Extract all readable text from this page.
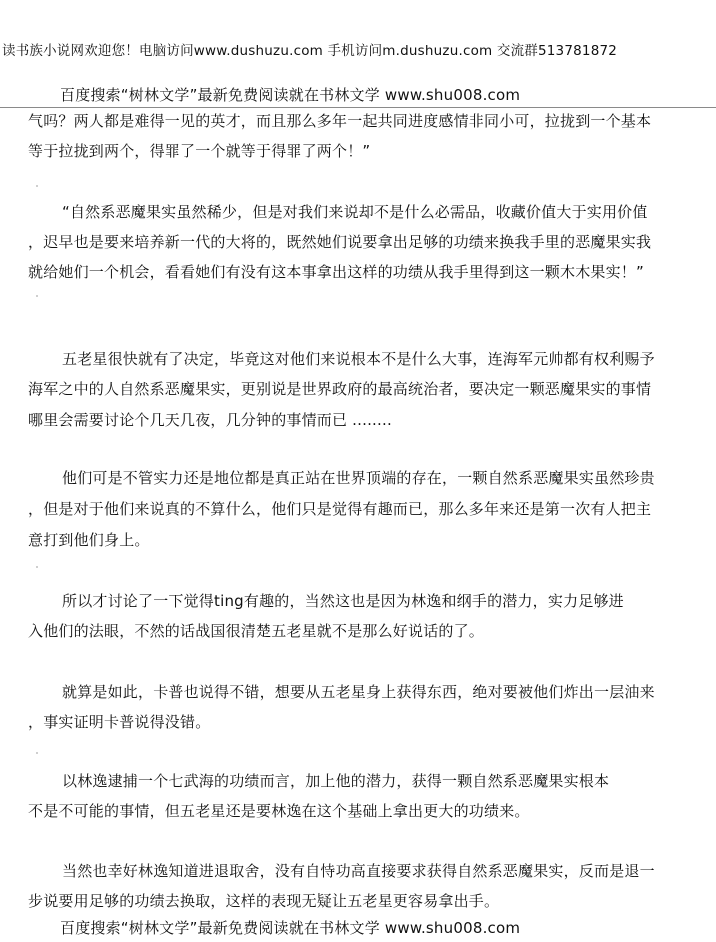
读书族小说网欢迎您！电脑访问www.dushuzu.com 手机访问m.dushuzu.com 交流群513781872
百度搜索“树林文学”最新免费阅读就在书林文学 www.shu008.com
气吗？两人都是难得一见的英才，而且那么多年一起共同进度感情非同小可，拉拢到一个基本
等于拉拢到两个，得罪了一个就等于得罪了两个！”
“自然系恶魔果实虽然稀少，但是对我们来说却不是什么必需品，收藏价值大于实用价值
，迟早也是要来培养新一代的大将的，既然她们说要拿出足够的功绩来换我手里的恶魔果实我
就给她们一个机会，看看她们有没有这本事拿出这样的功绩从我手里得到这一颗木木果实！”
五老星很快就有了决定，毕竟这对他们来说根本不是什么大事，连海军元帅都有权利赐予
海军之中的人自然系恶魔果实，更别说是世界政府的最高统治者，要决定一颗恶魔果实的事情
哪里会需要讨论个几天几夜，几分钟的事情而已 ........
他们可是不管实力还是地位都是真正站在世界顶端的存在，一颗自然系恶魔果实虽然珍贵
，但是对于他们来说真的不算什么，他们只是觉得有趣而已，那么多年来还是第一次有人把主
意打到他们身上。
所以才讨论了一下觉得ting有趣的，当然这也是因为林逸和纲手的潜力，实力足够进
入他们的法眼，不然的话战国很清楚五老星就不是那么好说话的了。
就算是如此，卡普也说得不错，想要从五老星身上获得东西，绝对要被他们炸出一层油来
，事实证明卡普说得没错。
以林逸逮捕一个七武海的功绩而言，加上他的潜力，获得一颗自然系恶魔果实根本
不是不可能的事情，但五老星还是要林逸在这个基础上拿出更大的功绩来。
当然也幸好林逸知道进退取舍，没有自恃功高直接要求获得自然系恶魔果实，反而是退一
步说要用足够的功绩去换取，这样的表现无疑让五老星更容易拿出手。
百度搜索“树林文学”最新免费阅读就在书林文学 www.shu008.com
